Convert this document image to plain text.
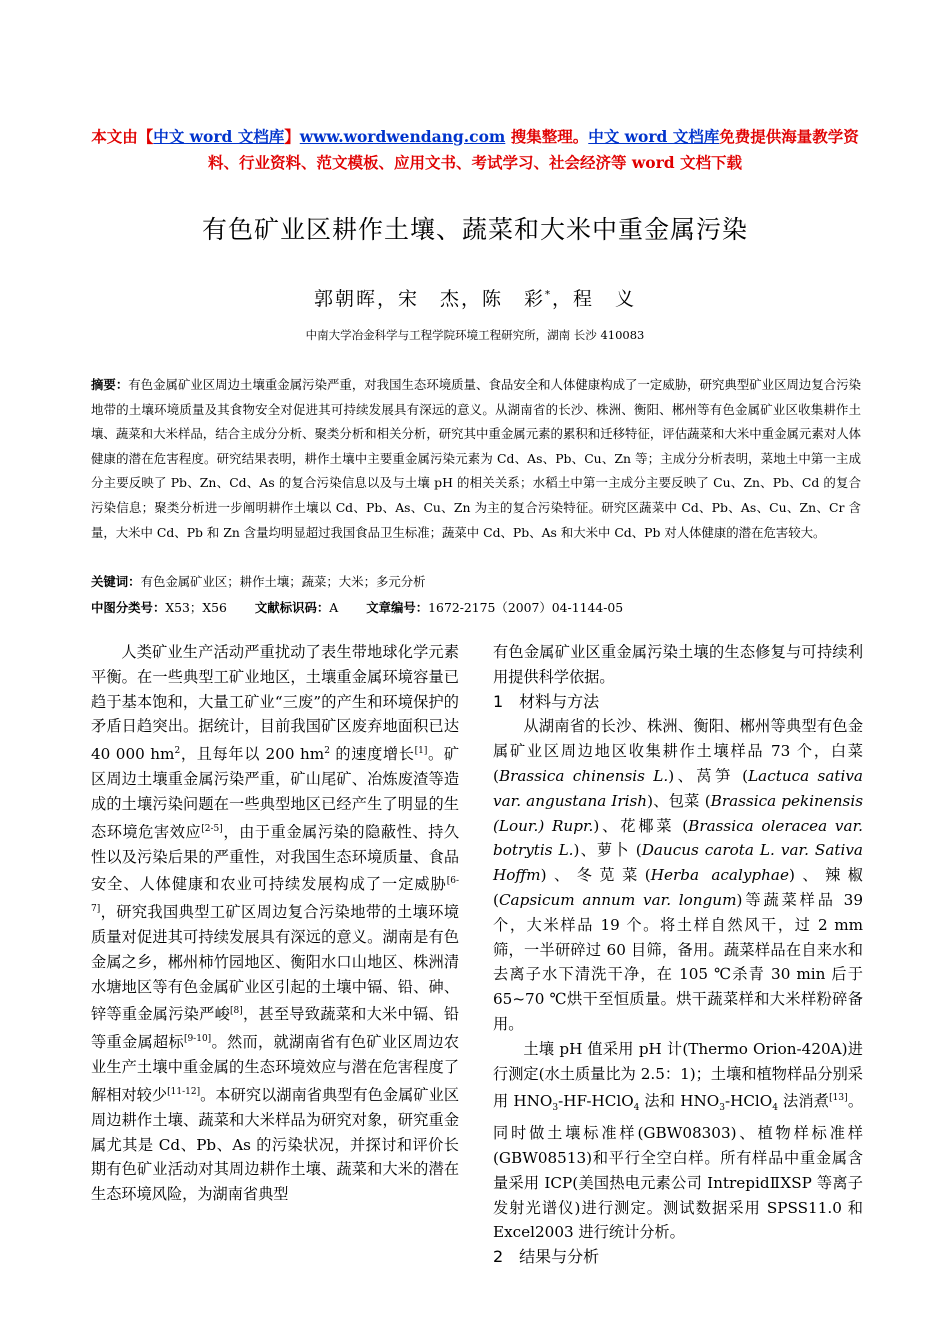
本文由【中文 word 文档库】www.wordwendang.com 搜集整理。中文 word 文档库免费提供海量教学资料、行业资料、范文模板、应用文书、考试学习、社会经济等 word 文档下载
有色矿业区耕作土壤、蔬菜和大米中重金属污染
郭朝晖，宋　杰，陈　彩*，程　义
中南大学冶金科学与工程学院环境工程研究所，湖南 长沙 410083
摘要：有色金属矿业区周边土壤重金属污染严重，对我国生态环境质量、食品安全和人体健康构成了一定威胁，研究典型矿业区周边复合污染地带的土壤环境质量及其食物安全对促进其可持续发展具有深远的意义。从湖南省的长沙、株洲、衡阳、郴州等有色金属矿业区收集耕作土壤、蔬菜和大米样品，结合主成分分析、聚类分析和相关分析，研究其中重金属元素的累积和迁移特征，评估蔬菜和大米中重金属元素对人体健康的潜在危害程度。研究结果表明，耕作土壤中主要重金属污染元素为 Cd、As、Pb、Cu、Zn 等；主成分分析表明，菜地土中第一主成分主要反映了 Pb、Zn、Cd、As 的复合污染信息以及与土壤 pH 的相关关系；水稻土中第一主成分主要反映了 Cu、Zn、Pb、Cd 的复合污染信息；聚类分析进一步阐明耕作土壤以 Cd、Pb、As、Cu、Zn 为主的复合污染特征。研究区蔬菜中 Cd、Pb、As、Cu、Zn、Cr 含量，大米中 Cd、Pb 和 Zn 含量均明显超过我国食品卫生标准；蔬菜中 Cd、Pb、As 和大米中 Cd、Pb 对人体健康的潜在危害较大。
关键词：有色金属矿业区；耕作土壤；蔬菜；大米；多元分析
中图分类号：X53；X56 文献标识码：A 文章编号：1672-2175（2007）04-1144-05

人类矿业生产活动严重扰动了表生带地球化学元素平衡。在一些典型工矿业地区，土壤重金属环境容量已趋于基本饱和，大量工矿业“三废”的产生和环境保护的矛盾日趋突出。据统计，目前我国矿区废弃地面积已达 40 000 $hm^2$，且每年以 200 $hm^2$ 的速度增长[1]。矿区周边土壤重金属污染严重，矿山尾矿、冶炼废渣等造成的土壤污染问题在一些典型地区已经产生了明显的生态环境危害效应[2-5]，由于重金属污染的隐蔽性、持久性以及污染后果的严重性，对我国生态环境质量、食品安全、人体健康和农业可持续发展构成了一定威胁[6-7]，研究我国典型工矿区周边复合污染地带的土壤环境质量对促进其可持续发展具有深远的意义。湖南是有色金属之乡，郴州柿竹园地区、衡阳水口山地区、株洲清水塘地区等有色金属矿业区引起的土壤中镉、铅、砷、锌等重金属污染严峻[8]，甚至导致蔬菜和大米中镉、铅等重金属超标[9-10]。然而，就湖南省有色矿业区周边农业生产土壤中重金属的生态环境效应与潜在危害程度了解相对较少[11-12]。本研究以湖南省典型有色金属矿业区周边耕作土壤、蔬菜和大米样品为研究对象，研究重金属尤其是 Cd、Pb、As 的污染状况，并探讨和评价长期有色矿业活动对其周边耕作土壤、蔬菜和大米的潜在生态环境风险，为湖南省典型

有色金属矿业区重金属污染土壤的生态修复与可持续利用提供科学依据。

1　材料与方法

从湖南省的长沙、株洲、衡阳、郴州等典型有色金属矿业区周边地区收集耕作土壤样品 73 个，白菜 (Brassica chinensis L.)、莴笋 (Lactuca sativa var. angustana Irish)、包菜 (Brassica pekinensis (Lour.) Rupr.)、花椰菜 (Brassica oleracea var. botrytis L.)、萝卜 (Daucus carota L. var. Sativa Hoffm)、冬苋菜(Herba acalyphae)、辣椒(Capsicum annum var. longum)等蔬菜样品 39 个，大米样品 19 个。将土样自然风干，过 2 mm 筛，一半研碎过 60 目筛，备用。蔬菜样品在自来水和去离子水下清洗干净，在 105 ℃杀青 30 min 后于 65~70 ℃烘干至恒质量。烘干蔬菜样和大米样粉碎备用。

土壤 pH 值采用 pH 计(Thermo Orion-420A)进行测定(水土质量比为 2.5：1)；土壤和植物样品分别采用 $HNO_3-HF-HClO_4$ 法和 $HNO_3-HClO_4$ 法消煮[13]。同时做土壤标准样(GBW08303)、植物样标准样(GBW08513)和平行全空白样。所有样品中重金属含量采用 ICP(美国热电元素公司 IntrepidⅡXSP 等离子发射光谱仪)进行测定。测试数据采用 SPSS11.0 和 Excel2003 进行统计分析。

2　结果与分析
